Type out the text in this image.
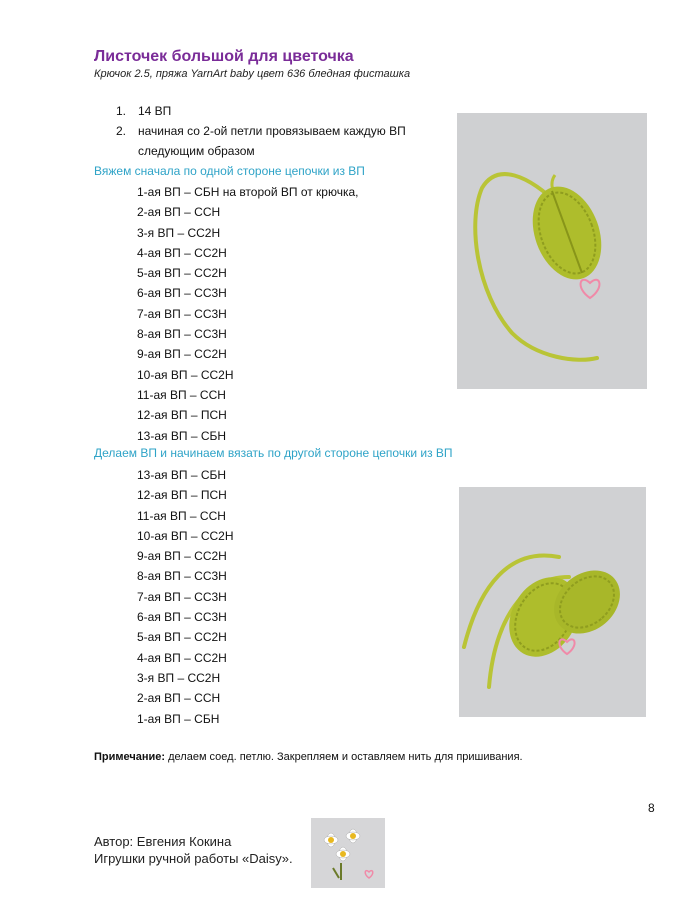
Листочек большой для цветочка
Крючок 2.5, пряжа YarnArt baby цвет 636 бледная фисташка
1. 14 ВП
2. начиная со 2-ой петли провязываем каждую ВП следующим образом
Вяжем сначала по одной стороне цепочки из ВП
1-ая ВП – СБН на второй ВП от крючка,
2-ая ВП – ССН
3-я ВП – СС2Н
4-ая ВП – СС2Н
5-ая ВП – СС2Н
6-ая ВП – СС3Н
7-ая ВП – СС3Н
8-ая ВП – СС3Н
9-ая ВП – СС2Н
10-ая ВП – СС2Н
11-ая ВП – ССН
12-ая ВП – ПСН
13-ая ВП – СБН
Делаем ВП и начинаем вязать по другой стороне цепочки из ВП
13-ая ВП – СБН
12-ая ВП – ПСН
11-ая ВП – ССН
10-ая ВП – СС2Н
9-ая ВП – СС2Н
8-ая ВП – СС3Н
7-ая ВП – СС3Н
6-ая ВП – СС3Н
5-ая ВП – СС2Н
4-ая ВП – СС2Н
3-я ВП – СС2Н
2-ая ВП – ССН
1-ая ВП – СБН
Примечание: делаем соед. петлю. Закрепляем и оставляем нить для пришивания.
8
Автор: Евгения Кокина
Игрушки ручной работы «Daisy».
